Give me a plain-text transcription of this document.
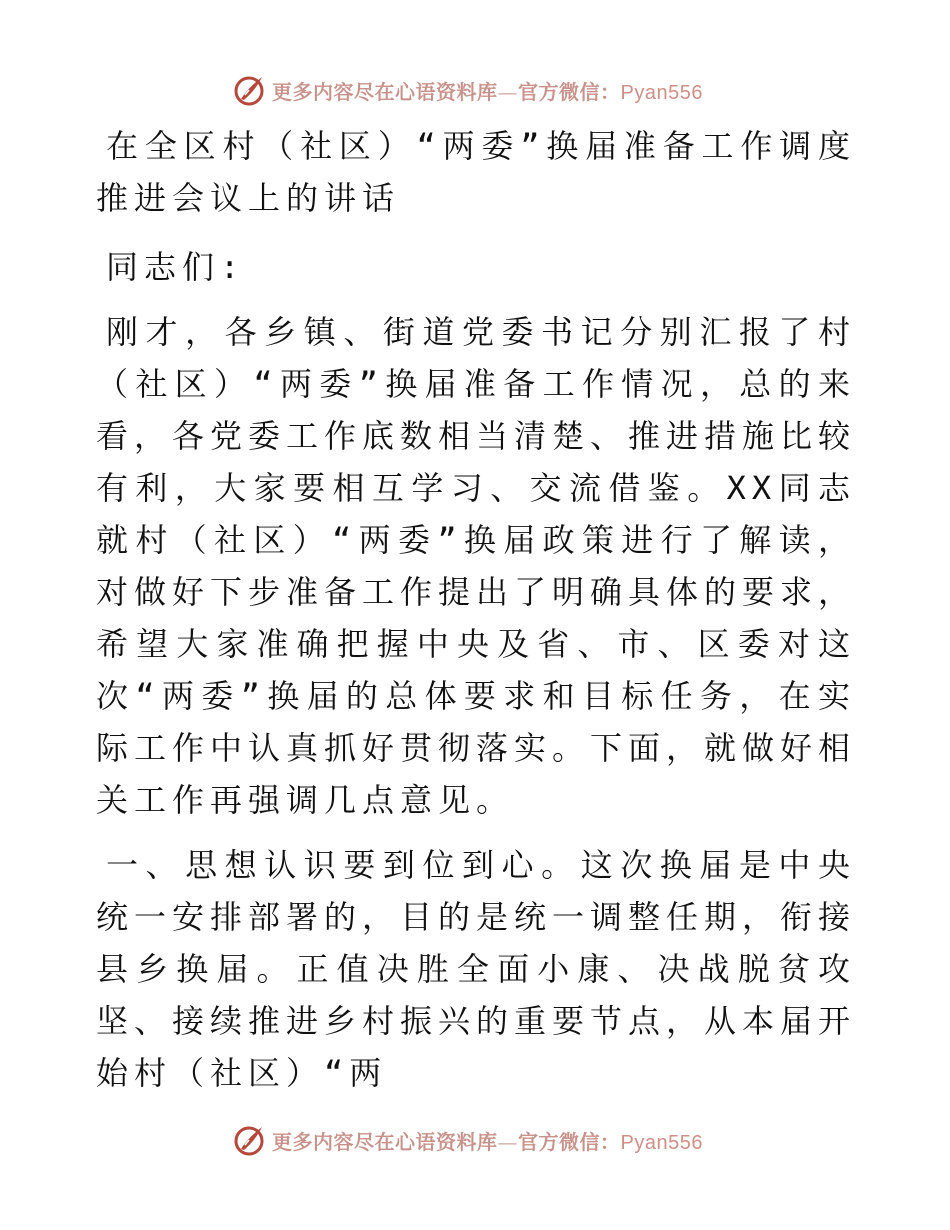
更多内容尽在心语资料库—官方微信：Pyan556

在全区村（社区）“两委”换届准备工作调度推进会议上的讲话

同志们:

刚才，各乡镇、街道党委书记分别汇报了村（社区）“两委”换届准备工作情况，总的来看，各党委工作底数相当清楚、推进措施比较有利，大家要相互学习、交流借鉴。XX同志就村（社区）“两委”换届政策进行了解读，对做好下步准备工作提出了明确具体的要求，希望大家准确把握中央及省、市、区委对这次“两委”换届的总体要求和目标任务，在实际工作中认真抓好贯彻落实。下面，就做好相关工作再强调几点意见。

一、思想认识要到位到心。这次换届是中央统一安排部署的，目的是统一调整任期，衔接县乡换届。正值决胜全面小康、决战脱贫攻坚、接续推进乡村振兴的重要节点，从本届开始村（社区）“两

更多内容尽在心语资料库—官方微信：Pyan556
